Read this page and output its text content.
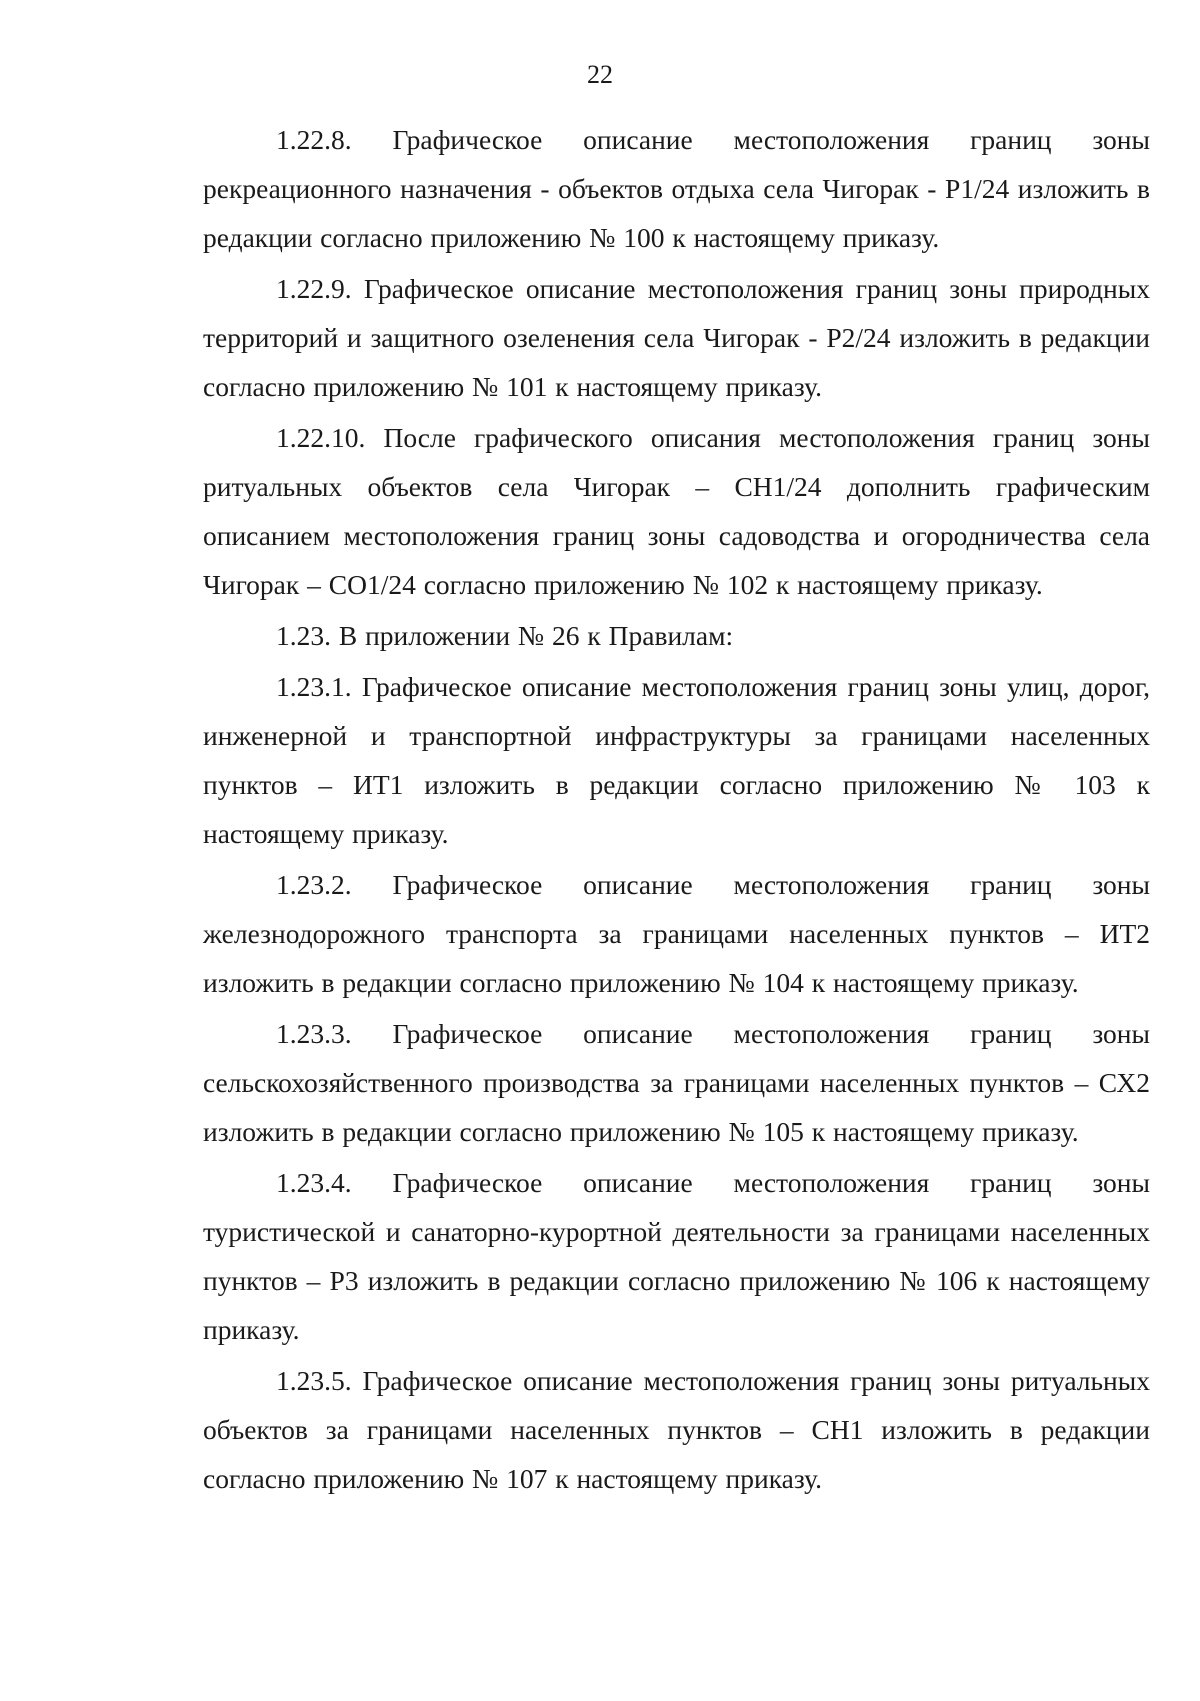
22

1.22.8. Графическое описание местоположения границ зоны рекреационного назначения - объектов отдыха села Чигорак - Р1/24 изложить в редакции согласно приложению № 100 к настоящему приказу.

1.22.9. Графическое описание местоположения границ зоны природных территорий и защитного озеленения села Чигорак - Р2/24 изложить в редакции согласно приложению № 101 к настоящему приказу.

1.22.10. После графического описания местоположения границ зоны ритуальных объектов села Чигорак – СН1/24 дополнить графическим описанием местоположения границ зоны садоводства и огородничества села Чигорак – СО1/24 согласно приложению № 102 к настоящему приказу.

1.23. В приложении № 26 к Правилам:

1.23.1. Графическое описание местоположения границ зоны улиц, дорог, инженерной и транспортной инфраструктуры за границами населенных пунктов – ИТ1 изложить в редакции согласно приложению № 103 к настоящему приказу.

1.23.2. Графическое описание местоположения границ зоны железнодорожного транспорта за границами населенных пунктов – ИТ2 изложить в редакции согласно приложению № 104 к настоящему приказу.

1.23.3. Графическое описание местоположения границ зоны сельскохозяйственного производства за границами населенных пунктов – СХ2 изложить в редакции согласно приложению № 105 к настоящему приказу.

1.23.4. Графическое описание местоположения границ зоны туристической и санаторно-курортной деятельности за границами населенных пунктов – Р3 изложить в редакции согласно приложению № 106 к настоящему приказу.

1.23.5. Графическое описание местоположения границ зоны ритуальных объектов за границами населенных пунктов – СН1 изложить в редакции согласно приложению № 107 к настоящему приказу.
